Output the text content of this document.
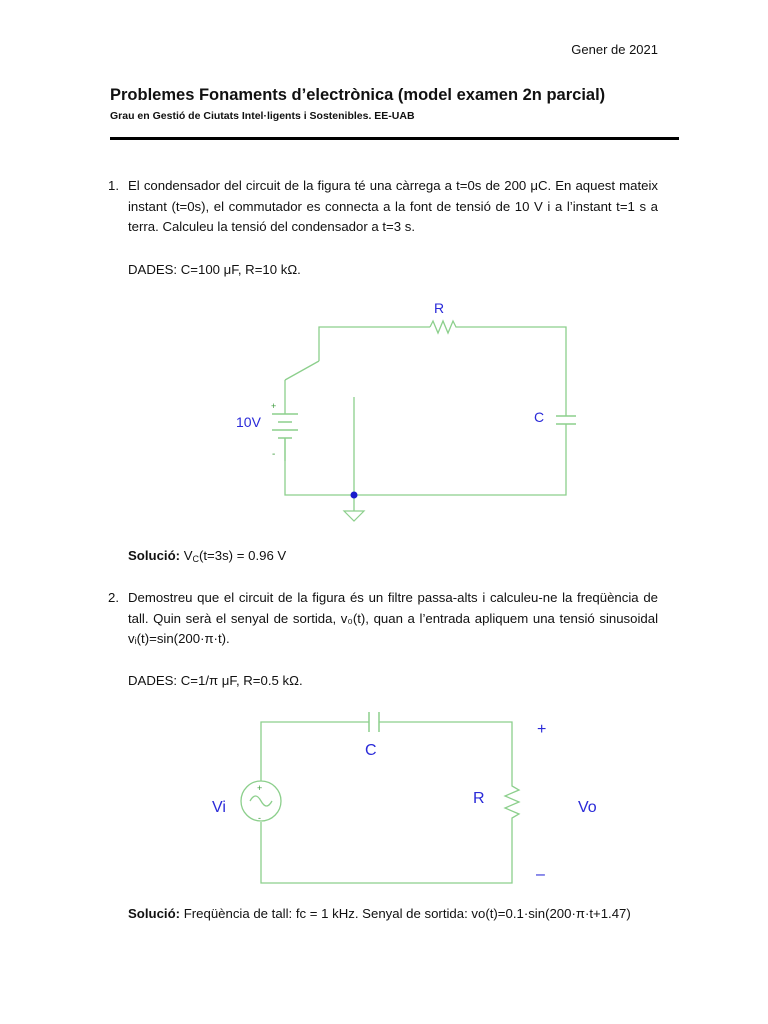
Gener de 2021
Problemes Fonaments d’electrònica (model examen 2n parcial)
Grau en Gestió de Ciutats Intel·ligents i Sostenibles. EE-UAB
1. El condensador del circuit de la figura té una càrrega a t=0s de 200 μC. En aquest mateix instant (t=0s), el commutador es connecta a la font de tensió de 10 V i a l’instant t=1 s a terra. Calculeu la tensió del condensador a t=3 s.
DADES: C=100 μF, R=10 kΩ.
R
C
10V
+
-
Solució: $V_C(t=3s) = 0.96$ V
2. Demostreu que el circuit de la figura és un filtre passa-alts i calculeu-ne la freqüència de tall. Quin serà el senyal de sortida, v₀(t), quan a l’entrada apliquem una tensió sinusoidal vᵢ(t)=sin(200·π·t).
DADES: C=1/π μF, R=0.5 kΩ.
+
-
C
R
Vi	Vo
+
–
Solució: Freqüència de tall: fc = 1 kHz. Senyal de sortida: vo(t)=0.1·sin(200·π·t+1.47)
